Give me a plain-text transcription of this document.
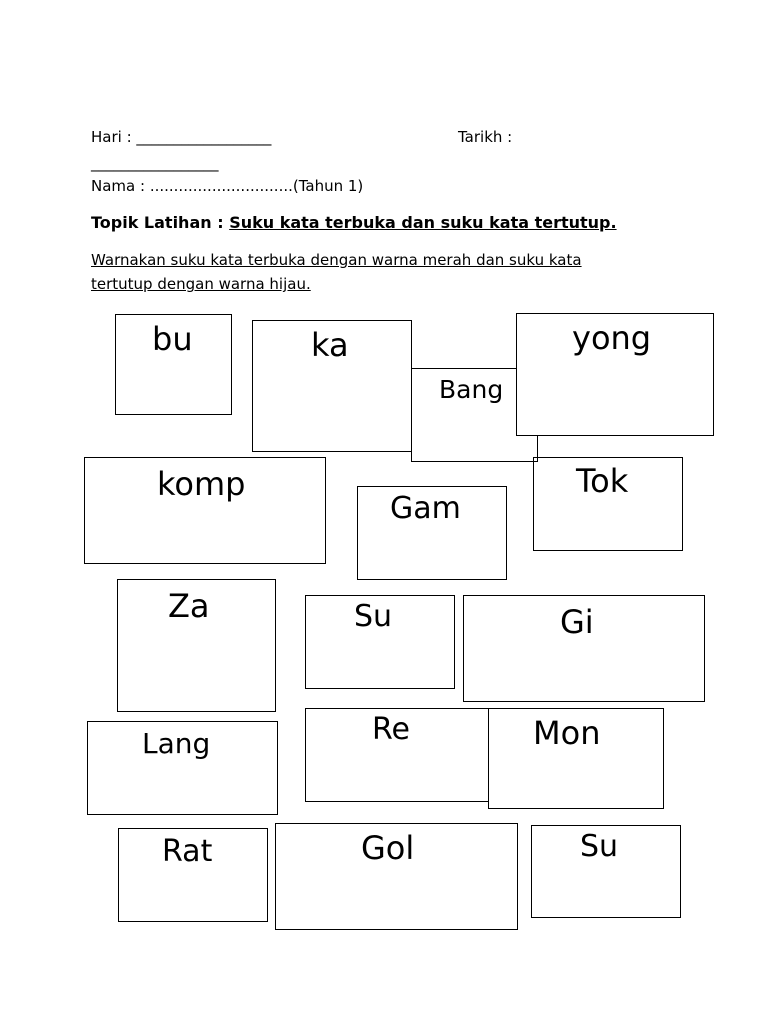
Hari : __________________	Tarikh :
_________________
Nama : ..............................(Tahun 1)
Topik Latihan : Suku kata terbuka dan suku kata tertutup.
Warnakan suku kata terbuka dengan warna merah dan suku kata
tertutup dengan warna hijau.
bu	ka
Bang
yong
komp
Gam
Tok
Za	Su	Gi
Lang	Re	Mon
Rat	Gol	Su
